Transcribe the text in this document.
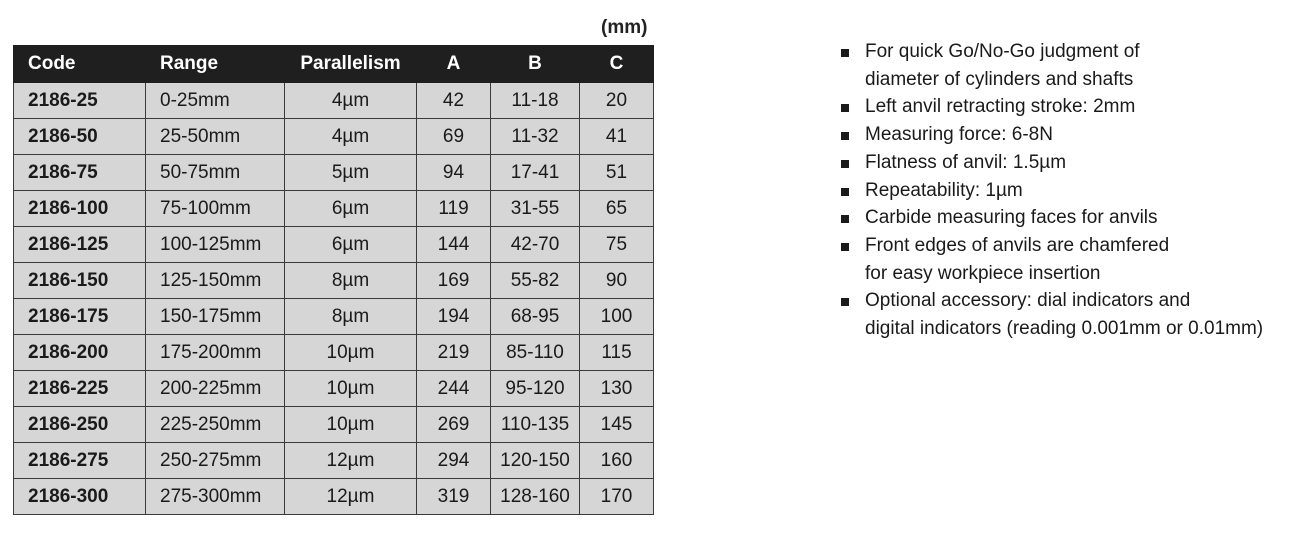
(mm)
Code	Range	Parallelism	A	B	C
2186-25	0-25mm	4µm	42	11-18	20
2186-50	25-50mm	4µm	69	11-32	41
2186-75	50-75mm	5µm	94	17-41	51
2186-100	75-100mm	6µm	119	31-55	65
2186-125	100-125mm	6µm	144	42-70	75
2186-150	125-150mm	8µm	169	55-82	90
2186-175	150-175mm	8µm	194	68-95	100
2186-200	175-200mm	10µm	219	85-110	115
2186-225	200-225mm	10µm	244	95-120	130
2186-250	225-250mm	10µm	269	110-135	145
2186-275	250-275mm	12µm	294	120-150	160
2186-300	275-300mm	12µm	319	128-160	170
For quick Go/No-Go judgment of
diameter of cylinders and shafts
Left anvil retracting stroke: 2mm
Measuring force: 6-8N
Flatness of anvil: 1.5µm
Repeatability: 1µm
Carbide measuring faces for anvils
Front edges of anvils are chamfered
for easy workpiece insertion
Optional accessory: dial indicators and
digital indicators (reading 0.001mm or 0.01mm)
